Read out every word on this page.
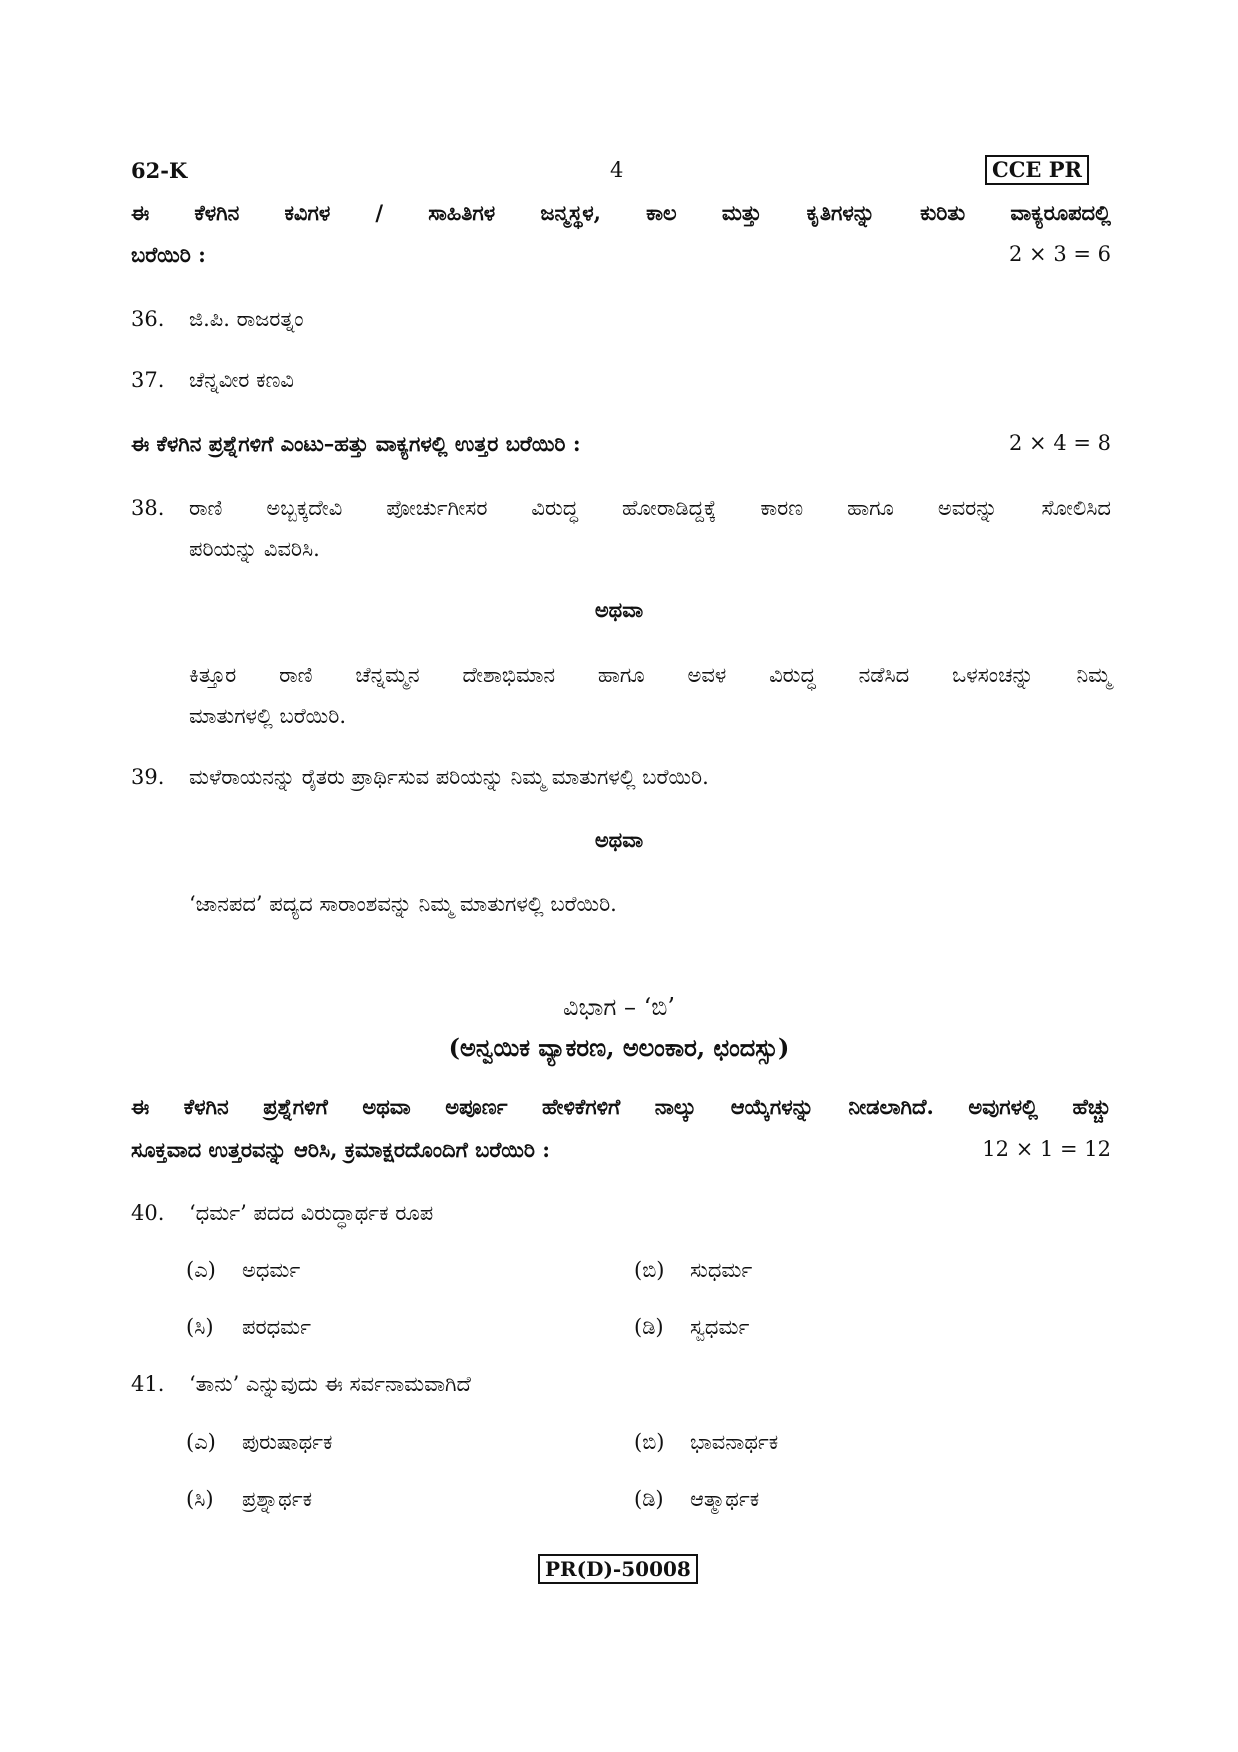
62-K	4	CCE PR
ಈ ಕೆಳಗಿನ ಕವಿಗಳ / ಸಾಹಿತಿಗಳ ಜನ್ಮಸ್ಥಳ, ಕಾಲ ಮತ್ತು ಕೃತಿಗಳನ್ನು ಕುರಿತು ವಾಕ್ಯರೂಪದಲ್ಲಿ
ಬರೆಯಿರಿ :	2 × 3 = 6
36. ಜಿ.ಪಿ. ರಾಜರತ್ನಂ
37. ಚೆನ್ನವೀರ ಕಣವಿ
ಈ ಕೆಳಗಿನ ಪ್ರಶ್ನೆಗಳಿಗೆ ಎಂಟು–ಹತ್ತು ವಾಕ್ಯಗಳಲ್ಲಿ ಉತ್ತರ ಬರೆಯಿರಿ :	2 × 4 = 8
38. ರಾಣಿ ಅಬ್ಬಕ್ಕದೇವಿ ಪೋರ್ಚುಗೀಸರ ವಿರುದ್ಧ ಹೋರಾಡಿದ್ದಕ್ಕೆ ಕಾರಣ ಹಾಗೂ ಅವರನ್ನು ಸೋಲಿಸಿದ
ಪರಿಯನ್ನು ವಿವರಿಸಿ.
ಅಥವಾ
ಕಿತ್ತೂರ ರಾಣಿ ಚೆನ್ನಮ್ಮನ ದೇಶಾಭಿಮಾನ ಹಾಗೂ ಅವಳ ವಿರುದ್ಧ ನಡೆಸಿದ ಒಳಸಂಚನ್ನು ನಿಮ್ಮ
ಮಾತುಗಳಲ್ಲಿ ಬರೆಯಿರಿ.
39. ಮಳೆರಾಯನನ್ನು ರೈತರು ಪ್ರಾರ್ಥಿಸುವ ಪರಿಯನ್ನು ನಿಮ್ಮ ಮಾತುಗಳಲ್ಲಿ ಬರೆಯಿರಿ.
ಅಥವಾ
‘ಜಾನಪದ’ ಪದ್ಯದ ಸಾರಾಂಶವನ್ನು ನಿಮ್ಮ ಮಾತುಗಳಲ್ಲಿ ಬರೆಯಿರಿ.
ವಿಭಾಗ – ‘ಬಿ’
(ಅನ್ವಯಿಕ ವ್ಯಾಕರಣ, ಅಲಂಕಾರ, ಛಂದಸ್ಸು)
ಈ ಕೆಳಗಿನ ಪ್ರಶ್ನೆಗಳಿಗೆ ಅಥವಾ ಅಪೂರ್ಣ ಹೇಳಿಕೆಗಳಿಗೆ ನಾಲ್ಕು ಆಯ್ಕೆಗಳನ್ನು ನೀಡಲಾಗಿದೆ. ಅವುಗಳಲ್ಲಿ ಹೆಚ್ಚು
ಸೂಕ್ತವಾದ ಉತ್ತರವನ್ನು ಆರಿಸಿ, ಕ್ರಮಾಕ್ಷರದೊಂದಿಗೆ ಬರೆಯಿರಿ :	12 × 1 = 12
40. ‘ಧರ್ಮ’ ಪದದ ವಿರುದ್ಧಾರ್ಥಕ ರೂಪ
(ಎ) ಅಧರ್ಮ	(ಬಿ) ಸುಧರ್ಮ
(ಸಿ) ಪರಧರ್ಮ	(ಡಿ) ಸ್ವಧರ್ಮ
41. ‘ತಾನು’ ಎನ್ನುವುದು ಈ ಸರ್ವನಾಮವಾಗಿದೆ
(ಎ) ಪುರುಷಾರ್ಥಕ	(ಬಿ) ಭಾವನಾರ್ಥಕ
(ಸಿ) ಪ್ರಶ್ನಾರ್ಥಕ	(ಡಿ) ಆತ್ಮಾರ್ಥಕ
PR(D)-50008
